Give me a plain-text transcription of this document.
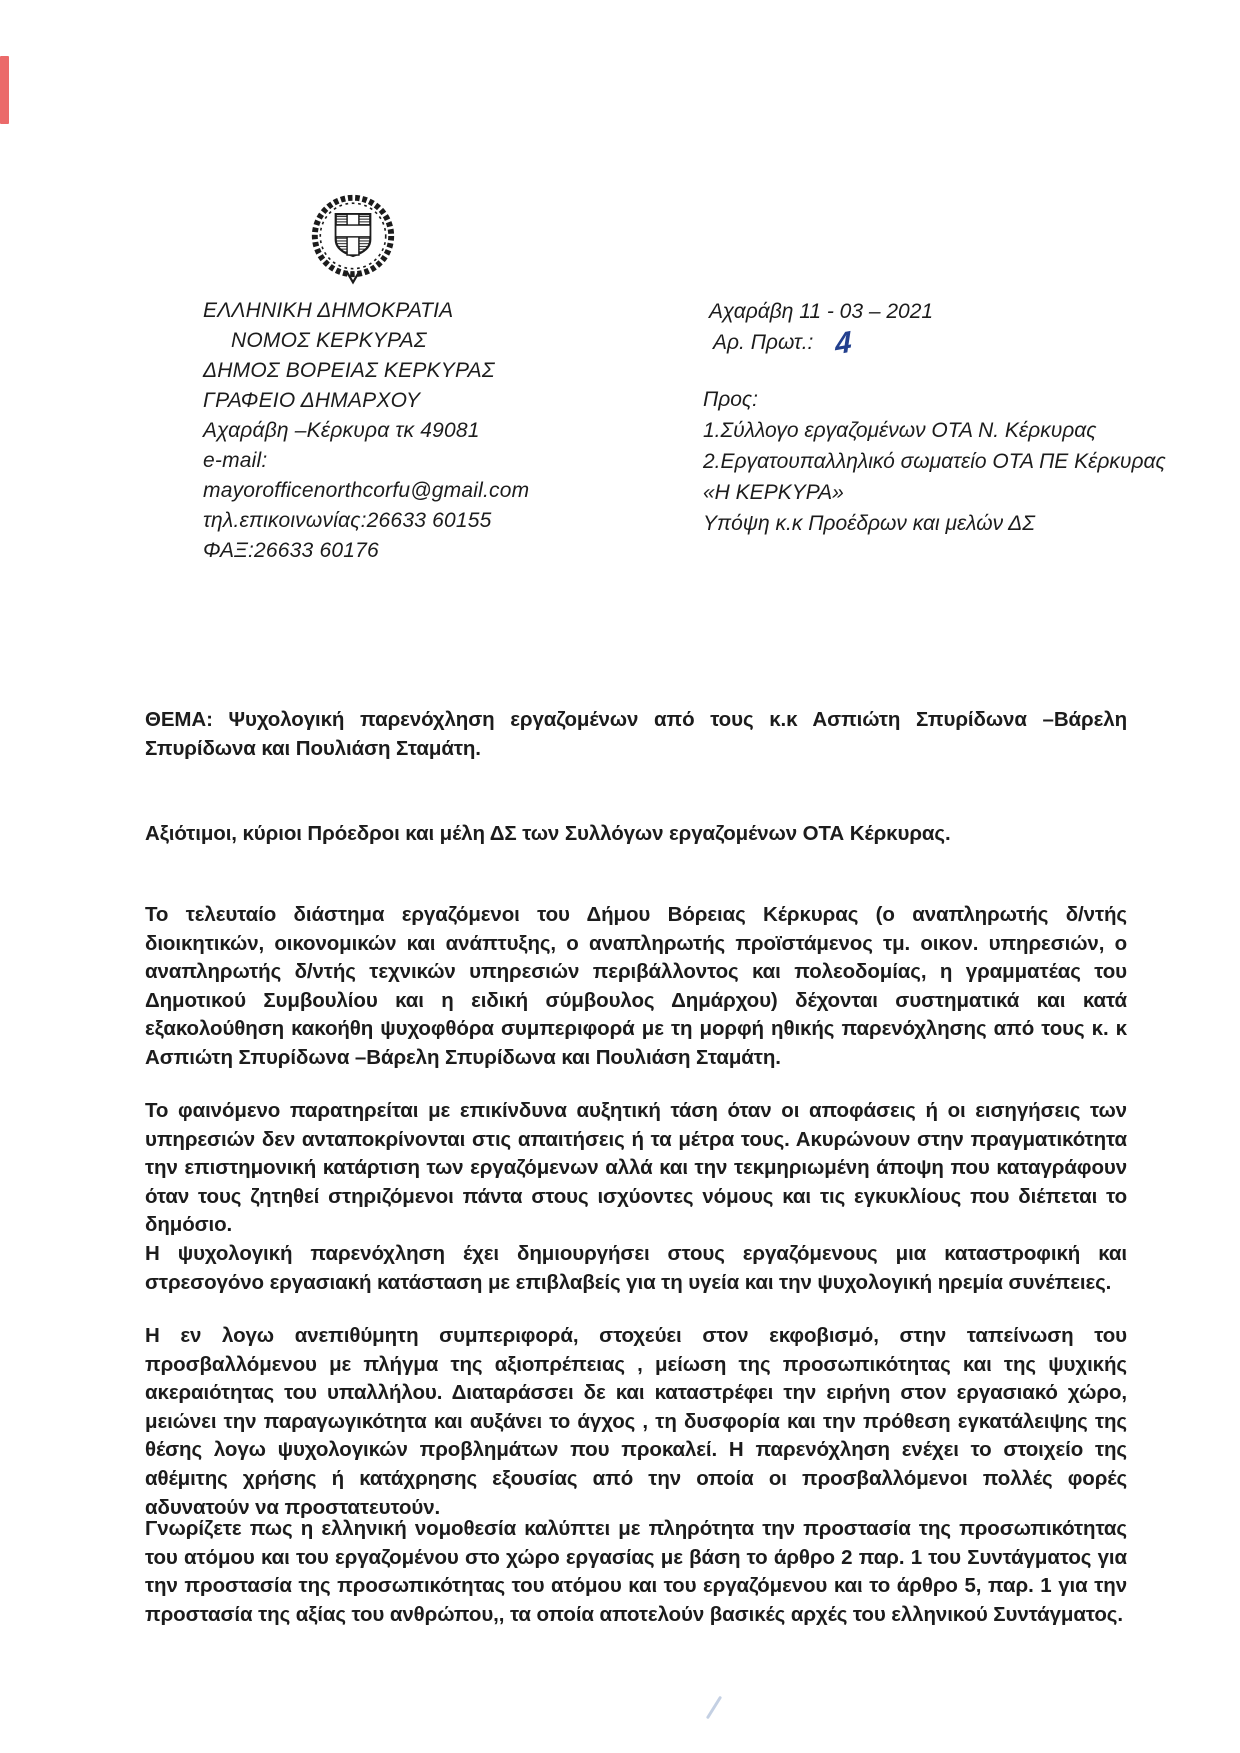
ΕΛΛΗΝΙΚΗ ΔΗΜΟΚΡΑΤΙΑ
ΝΟΜΟΣ ΚΕΡΚΥΡΑΣ
ΔΗΜΟΣ ΒΟΡΕΙΑΣ ΚΕΡΚΥΡΑΣ
ΓΡΑΦΕΙΟ ΔΗΜΑΡΧΟΥ
Αχαράβη –Κέρκυρα τκ 49081
e-mail:
mayorofficenorthcorfu@gmail.com
τηλ.επικοινωνίας:26633 60155
ΦΑΞ:26633 60176
Αχαράβη 11 - 03 – 2021
Αρ. Πρωτ.: 4
Προς:
1.Σύλλογο εργαζομένων ΟΤΑ Ν. Κέρκυρας
2.Εργατουπαλληλικό σωματείο ΟΤΑ ΠΕ Κέρκυρας
«Η ΚΕΡΚΥΡΑ»
Υπόψη κ.κ Προέδρων και μελών ΔΣ
ΘΕΜΑ: Ψυχολογική παρενόχληση εργαζομένων από τους κ.κ Ασπιώτη Σπυρίδωνα –Βάρελη Σπυρίδωνα και Πουλιάση Σταμάτη.
Αξιότιμοι, κύριοι Πρόεδροι και μέλη ΔΣ των Συλλόγων εργαζομένων ΟΤΑ Κέρκυρας.
Το τελευταίο διάστημα εργαζόμενοι του Δήμου Βόρειας Κέρκυρας (ο αναπληρωτής δ/ντής διοικητικών, οικονομικών και ανάπτυξης, ο αναπληρωτής προϊστάμενος τμ. οικον. υπηρεσιών, ο αναπληρωτής δ/ντής τεχνικών υπηρεσιών περιβάλλοντος και πολεοδομίας, η γραμματέας του Δημοτικού Συμβουλίου και η ειδική σύμβουλος Δημάρχου) δέχονται συστηματικά και κατά εξακολούθηση κακοήθη ψυχοφθόρα συμπεριφορά με τη μορφή ηθικής παρενόχλησης από τους κ. κ Ασπιώτη Σπυρίδωνα –Βάρελη Σπυρίδωνα και Πουλιάση Σταμάτη.
Το φαινόμενο παρατηρείται με επικίνδυνα αυξητική τάση όταν οι αποφάσεις ή οι εισηγήσεις των υπηρεσιών δεν ανταποκρίνονται στις απαιτήσεις ή τα μέτρα τους. Ακυρώνουν στην πραγματικότητα την επιστημονική κατάρτιση των εργαζόμενων αλλά και την τεκμηριωμένη άποψη που καταγράφουν όταν τους ζητηθεί στηριζόμενοι πάντα στους ισχύοντες νόμους και τις εγκυκλίους που διέπεται το δημόσιο.
Η ψυχολογική παρενόχληση έχει δημιουργήσει στους εργαζόμενους μια καταστροφική και στρεσογόνο εργασιακή κατάσταση με επιβλαβείς για τη υγεία και την ψυχολογική ηρεμία συνέπειες.
Η εν λογω ανεπιθύμητη συμπεριφορά, στοχεύει στον εκφοβισμό, στην ταπείνωση του προσβαλλόμενου με πλήγμα της αξιοπρέπειας , μείωση της προσωπικότητας και της ψυχικής ακεραιότητας του υπαλλήλου. Διαταράσσει δε και καταστρέφει την ειρήνη στον εργασιακό χώρο, μειώνει την παραγωγικότητα και αυξάνει το άγχος , τη δυσφορία και την πρόθεση εγκατάλειψης της θέσης λογω ψυχολογικών προβλημάτων που προκαλεί. Η παρενόχληση ενέχει το στοιχείο της αθέμιτης χρήσης ή κατάχρησης εξουσίας από την οποία οι προσβαλλόμενοι πολλές φορές αδυνατούν να προστατευτούν.
Γνωρίζετε πως η ελληνική νομοθεσία καλύπτει με πληρότητα την προστασία της προσωπικότητας του ατόμου και του εργαζομένου στο χώρο εργασίας με βάση το άρθρο 2 παρ. 1 του Συντάγματος για την προστασία της προσωπικότητας του ατόμου και του εργαζόμενου και το άρθρο 5, παρ. 1 για την προστασία της αξίας του ανθρώπου,, τα οποία αποτελούν βασικές αρχές του ελληνικού Συντάγματος.
